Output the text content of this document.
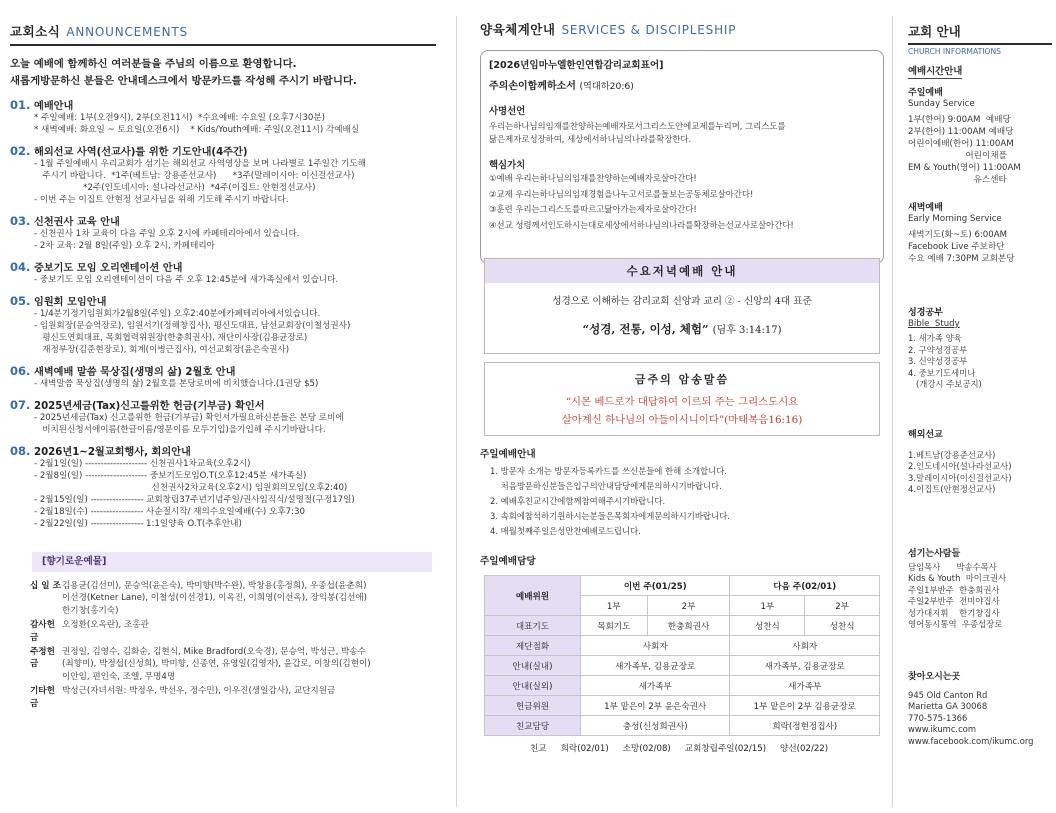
교회소식 ANNOUNCEMENTS
오늘 예배에 함께하신 여러분들을 주님의 이름으로 환영합니다.
새롭게방문하신 분들은 안내데스크에서 방문카드를 작성해 주시기 바랍니다.
01. 예배안내
* 주일예배: 1부(오전9시), 2부(오전11시)  *수요예배: 수요일 (오후7시30분)
* 새벽예배: 화요일 ~ 토요일(오전6시)    * Kids/Youth예배: 주일(오전11시) 각예배실
02. 해외선교 사역(선교사)를 위한 기도안내(4주간)
- 1월 주일예배시 우리교회가 섬기는 해외선교 사역영상을 보며 나라별로 1주일간 기도해
주시기 바랍니다.  *1주(베트남: 강용준선교사)      *3주(말레이시아: 이신걸선교사)
*2주(인도네시아: 설나라선교사)  *4주(이집트: 안현정선교사)
- 이번 주는 이집트 안현정 선교사님을 위해 기도해 주시기 바랍니다.
03. 신천권사 교육 안내
- 신천권사 1차 교육이 다음 주일 오후 2시에 카페테리아에서 있습니다.
- 2차 교육: 2월 8일(주일) 오후 2시, 카페테리아
04. 중보기도 모임 오리엔테이션 안내
- 중보기도 모임 오리엔테이션이 다음 주 오후 12:45분에 새가족실에서 있습니다.
05. 임원회 모임안내
- 1/4분기정기임원회가2월8일(주일) 오후2:40분에카페테리아에서있습니다.
- 임원회장(문승억장로), 임원서기(정해창집사), 평신도대표, 남선교회장(이철성권사)
평신도연회대표, 목회협력위원장(한충희권사), 재단이사장(김용균장로)
재정부장(김준현장로), 회계(이병근집사), 여선교회장(윤은숙권사)
06. 새벽예배 말씀 묵상집(생명의 삶) 2월호 안내
- 새벽말씀 묵상집(생명의 삶) 2월호를 본당로비에 비치했습니다.(1권당 $5)
07. 2025년세금(Tax)신고를위한 헌금(기부금) 확인서
- 2025년세금(Tax) 신고를위한 헌금(기부금) 확인서가필요하신분들은 본당 로비에
비치된신청서에이름(한글이름/영문이름 모두기입)을기입해 주시기바랍니다.
08. 2026년1~2월교회행사, 회의안내
- 2월1일(일) -------------------- 신천권사1차교육(오후2시)
- 2월8일(일) -------------------- 중보기도모임O.T(오후12:45분 새가족실)
신천권사2차교육(오후2시) 임원회의모임(오후2:40)
- 2월15일(일) ----------------- 교회창립37주년기념주일/권사임직식/설명절(구정17일)
- 2월18일(수) ----------------- 사순절시작/ 재의수요일예배(수) 오후7:30
- 2월22일(일) ----------------- 1:1일양육 O.T(추후안내)
[향기로운예물]
십 일 조 김용균(김선미), 문승억(윤은숙), 박미향(박수완), 박창용(홍정희), 우종섭(윤춘희)
이선경(Ketner Lane), 이철성(이선경1), 이옥진, 이희영(이선옥), 장익봉(김선애)
한기창(홍기숙)
감사헌금
오정환(오옥란), 조홍관
주정헌금
권정일, 김영수, 김화순, 김현식, Mike Bradford(오숙경), 문승억, 박성근, 박송수
(최향미), 박정섭(신성희), 박미향, 신종연, 유영일(김영자), 윤갑로, 이창의(김현이)
이안임, 편인숙, 조엘, 무명4명
기타헌금
박성근(자녀서원: 박정우, 박선우, 정수민), 이우진(생일감사), 교단지원금
양육체계안내 SERVICES & DISCIPLESHIP
[2026년임마누엘한인연합감리교회표어]
주의손이함께하소서 (역대하20:6)
사명선언
우리는하나님의임재를찬양하는예배자로서그리스도안에교제를누리며, 그리스도를
닮은제자로성장하여, 세상에서하나님의나라를확장한다.
핵심가치
①예배 우리는하나님의임재를찬양하는예배자로살아간다!
②교제 우리는하나님의임재경험을나누고서로를돌보는공동체로살아간다!
③훈련 우리는그리스도를따르고닮아가는제자로살아간다!
④선교 성령께서인도하시는대로세상에서하나님의나라를확장하는선교사로살아간다!
수요저녁예배 안내
성경으로 이해하는 감리교회 신앙과 교리 ② - 신앙의 4대 표준
“성경, 전통, 이성, 체험” (딤후 3:14:17)
금주의 암송말씀
“시몬 베드로가 대답하여 이르되 주는 그리스도시요
살아계신 하나님의 아들이시니이다”(마태복음16:16)
주일예배안내
1. 방문자 소개는 방문자등록카드를 쓰신분들에 한해 소개합니다.
처음방문하신분들은입구의안내담당에게문의하시기바랍니다.
2. 예배후친교시간에함께참여해주시기바랍니다.
3. 속회에참석하기원하시는분들은목회자에게문의하시기바랍니다.
4. 매월첫째주일은성만찬예배로드립니다.
주일예배담당
예배위원	이번 주(01/25)		다음 주(02/01)	
	1부	2부	1부	2부
대표기도	목회기도	한충희권사	성찬식	성찬식
제단점화	사회자		사회자	
안내(실내)	새가족부, 김용균장로		새가족부, 김용균장로	
안내(실외)	새가족부		새가족부	
헌금위원	1부 맡은이 2부 윤은숙권사		1부 맡은이 2부 김용균장로	
친교담당	충성(신성희권사)		희락(정현정집사)	
친교 희락(02/01) 소망(02/08) 교회창립주일(02/15) 양선(02/22)
교회 안내
CHURCH INFORMATIONS
예배시간안내
주일예배
Sunday Service
1부(한어) 9:00AM  예배당
2부(한어) 11:00AM 예배당
어린이예배(한어) 11:00AM
어린이채플
EM & Youth(영어) 11:00AM
유스센타
새벽예배
Early Morning Service
새벽기도(화~토) 6:00AM
Facebook Live 주보하단
수요 예배 7:30PM 교회본당
성경공부
Bible  Study
1. 새가족 양육
2. 구약성경공부
3. 신약성경공부
4. 중보기도세미나
(개강시 주보공지)
해외선교
1.베트남(강용준선교사)
2.인도네시아(설나라선교사)
3.말레이시아(이신걸선교사)
4.이집트(안현정선교사)
섬기는사람들
담임목사      박송수목사
Kids & Youth  마이크권사
주일1부반주  한충희권사
주일2부반주  전미야집사
성가대지휘    한기창집사
영어동시통역  우종섭장로
찾아오시는곳
945 Old Canton Rd
Marietta GA 30068
770-575-1366
www.ikumc.com
www.facebook.com/ikumc.org
